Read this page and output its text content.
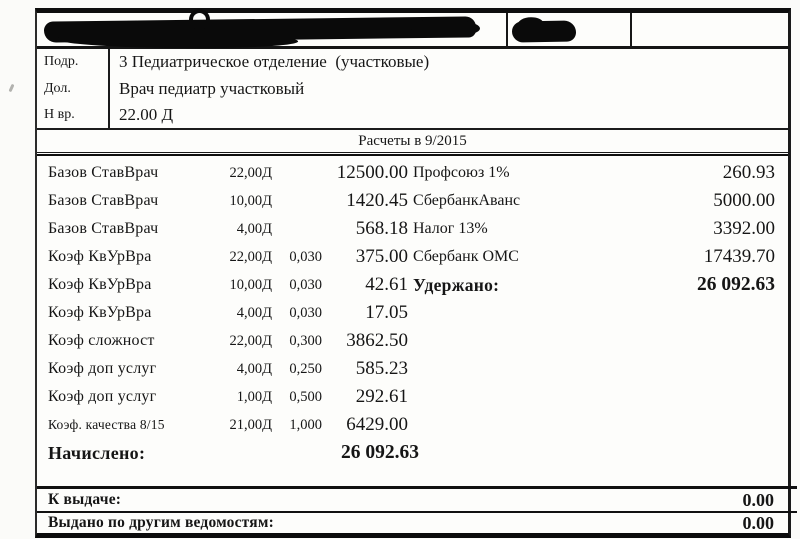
Подр.	3 Педиатрическое отделение  (участковые)
Дол.	Врач педиатр участковый
Н вр.	22.00 Д
Расчеты в 9/2015
Базов СтавВрач	22,00Д	12500.00 Профсоюз 1%	260.93
Базов СтавВрач	10,00Д	1420.45 СбербанкАванс	5000.00
Базов СтавВрач	4,00Д	568.18 Налог 13%	3392.00
Коэф КвУрВра	22,00Д	0,030	375.00 Сбербанк ОМС	17439.70
Коэф КвУрВра	10,00Д	0,030	42.61 Удержано:	26 092.63
Коэф КвУрВра	4,00Д	0,030	17.05
Коэф сложност	22,00Д	0,300	3862.50
Коэф доп услуг	4,00Д	0,250	585.23
Коэф доп услуг	1,00Д	0,500	292.61
Коэф. качества 8/15	21,00Д	1,000	6429.00
Начислено:	26 092.63
К выдаче:	0.00
Выдано по другим ведомостям:	0.00
